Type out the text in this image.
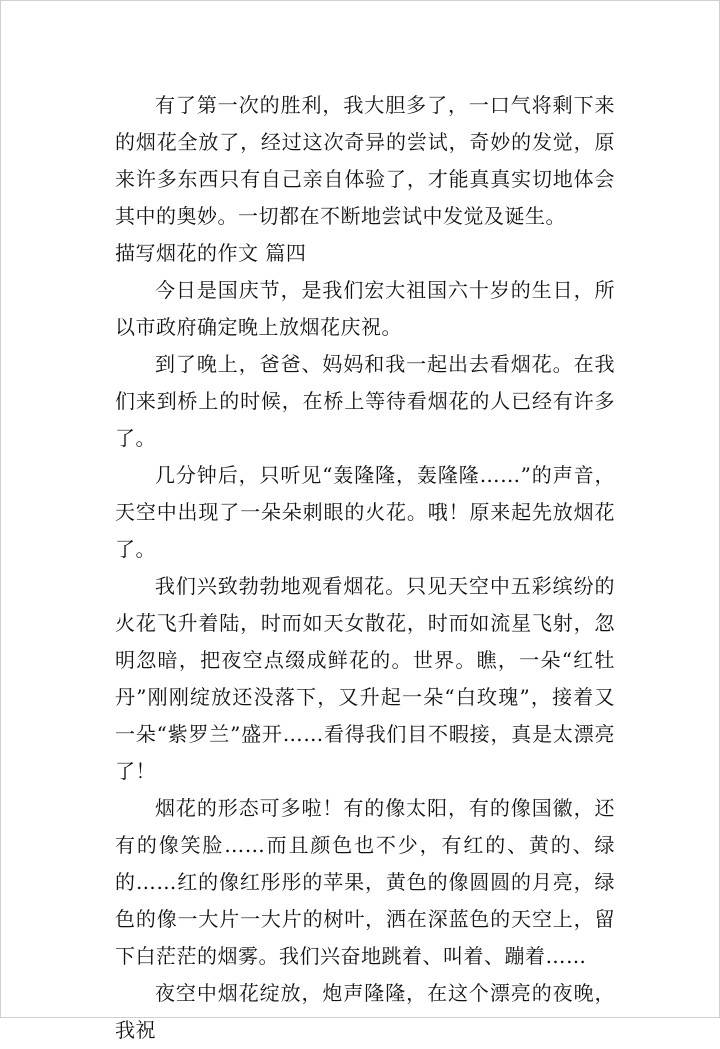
有了第一次的胜利，我大胆多了，一口气将剩下来的烟花全放了，经过这次奇异的尝试，奇妙的发觉，原来许多东西只有自己亲自体验了，才能真真实切地体会其中的奥妙。一切都在不断地尝试中发觉及诞生。

描写烟花的作文 篇四

今日是国庆节，是我们宏大祖国六十岁的生日，所以市政府确定晚上放烟花庆祝。

到了晚上，爸爸、妈妈和我一起出去看烟花。在我们来到桥上的时候，在桥上等待看烟花的人已经有许多了。

几分钟后，只听见“轰隆隆，轰隆隆……”的声音，天空中出现了一朵朵刺眼的火花。哦！原来起先放烟花了。

我们兴致勃勃地观看烟花。只见天空中五彩缤纷的火花飞升着陆，时而如天女散花，时而如流星飞射，忽明忽暗，把夜空点缀成鲜花的。世界。瞧，一朵“红牡丹”刚刚绽放还没落下，又升起一朵“白玫瑰”，接着又一朵“紫罗兰”盛开……看得我们目不暇接，真是太漂亮了！

烟花的形态可多啦！有的像太阳，有的像国徽，还有的像笑脸……而且颜色也不少，有红的、黄的、绿的……红的像红彤彤的苹果，黄色的像圆圆的月亮，绿色的像一大片一大片的树叶，洒在深蓝色的天空上，留下白茫茫的烟雾。我们兴奋地跳着、叫着、蹦着……

夜空中烟花绽放，炮声隆隆，在这个漂亮的夜晚，我祝
